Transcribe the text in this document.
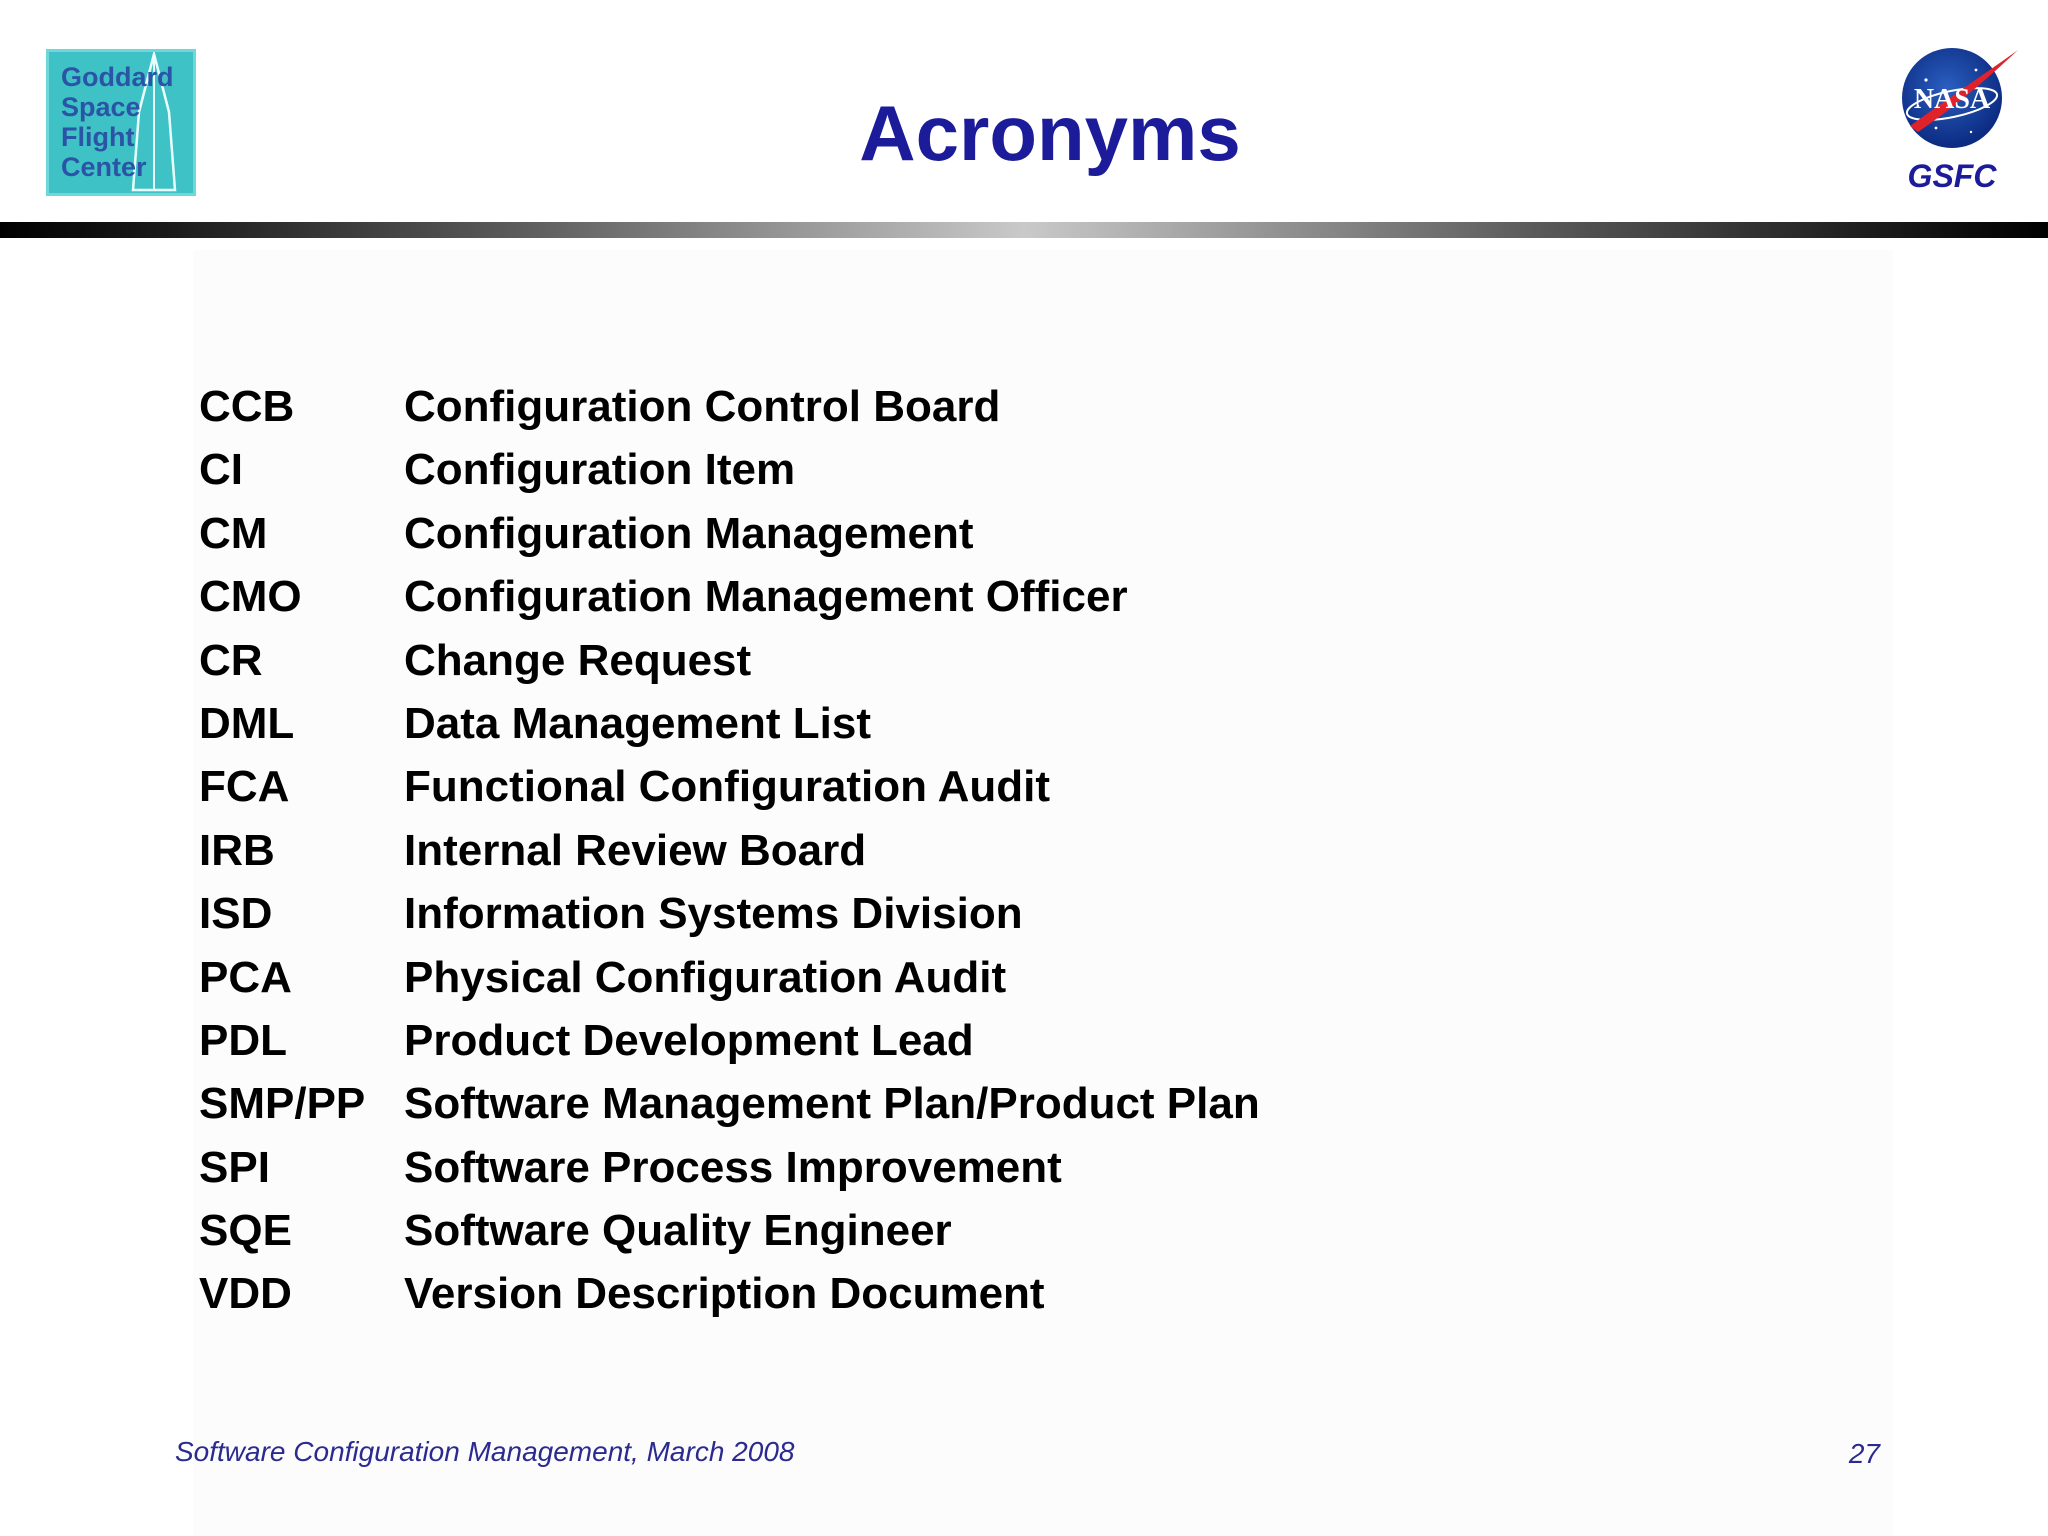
Goddard
Space
Flight
Center	Acronyms	NASA
GSFC
CCB Configuration Control Board
CI	Configuration Item
CM	Configuration Management
CMO Configuration Management Officer
CR	Change Request
DML Data Management List
FCA	Functional Configuration Audit
IRB	Internal Review Board
ISD	Information Systems Division
PCA	Physical Configuration Audit
PDL	Product Development Lead
SMP/PP Software Management Plan/Product Plan
SPI	Software Process Improvement
SQE	Software Quality Engineer
VDD	Version Description Document
Software Configuration Management, March 2008	27
